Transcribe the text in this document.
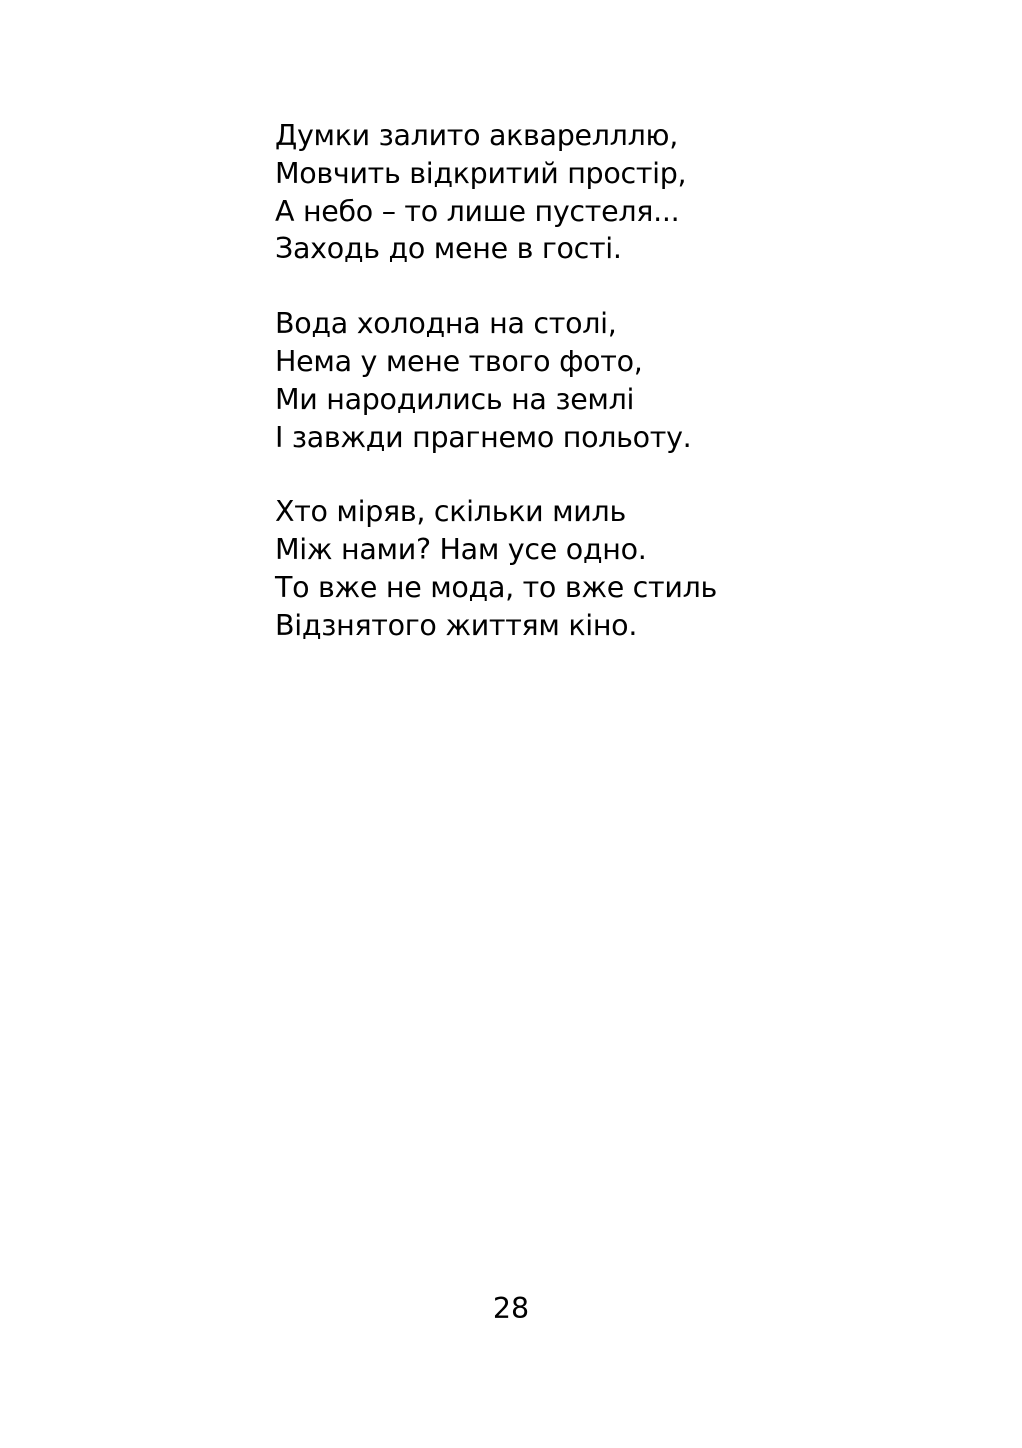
Думки залито акварелллю,
Мовчить відкритий простір,
А небо – то лише пустеля...
Заходь до мене в гості.
Вода холодна на столі,
Нема у мене твого фото,
Ми народились на землі
І завжди прагнемо польоту.
Хто міряв, скільки миль
Між нами? Нам усе одно.
То вже не мода, то вже стиль
Відзнятого життям кіно.
28
